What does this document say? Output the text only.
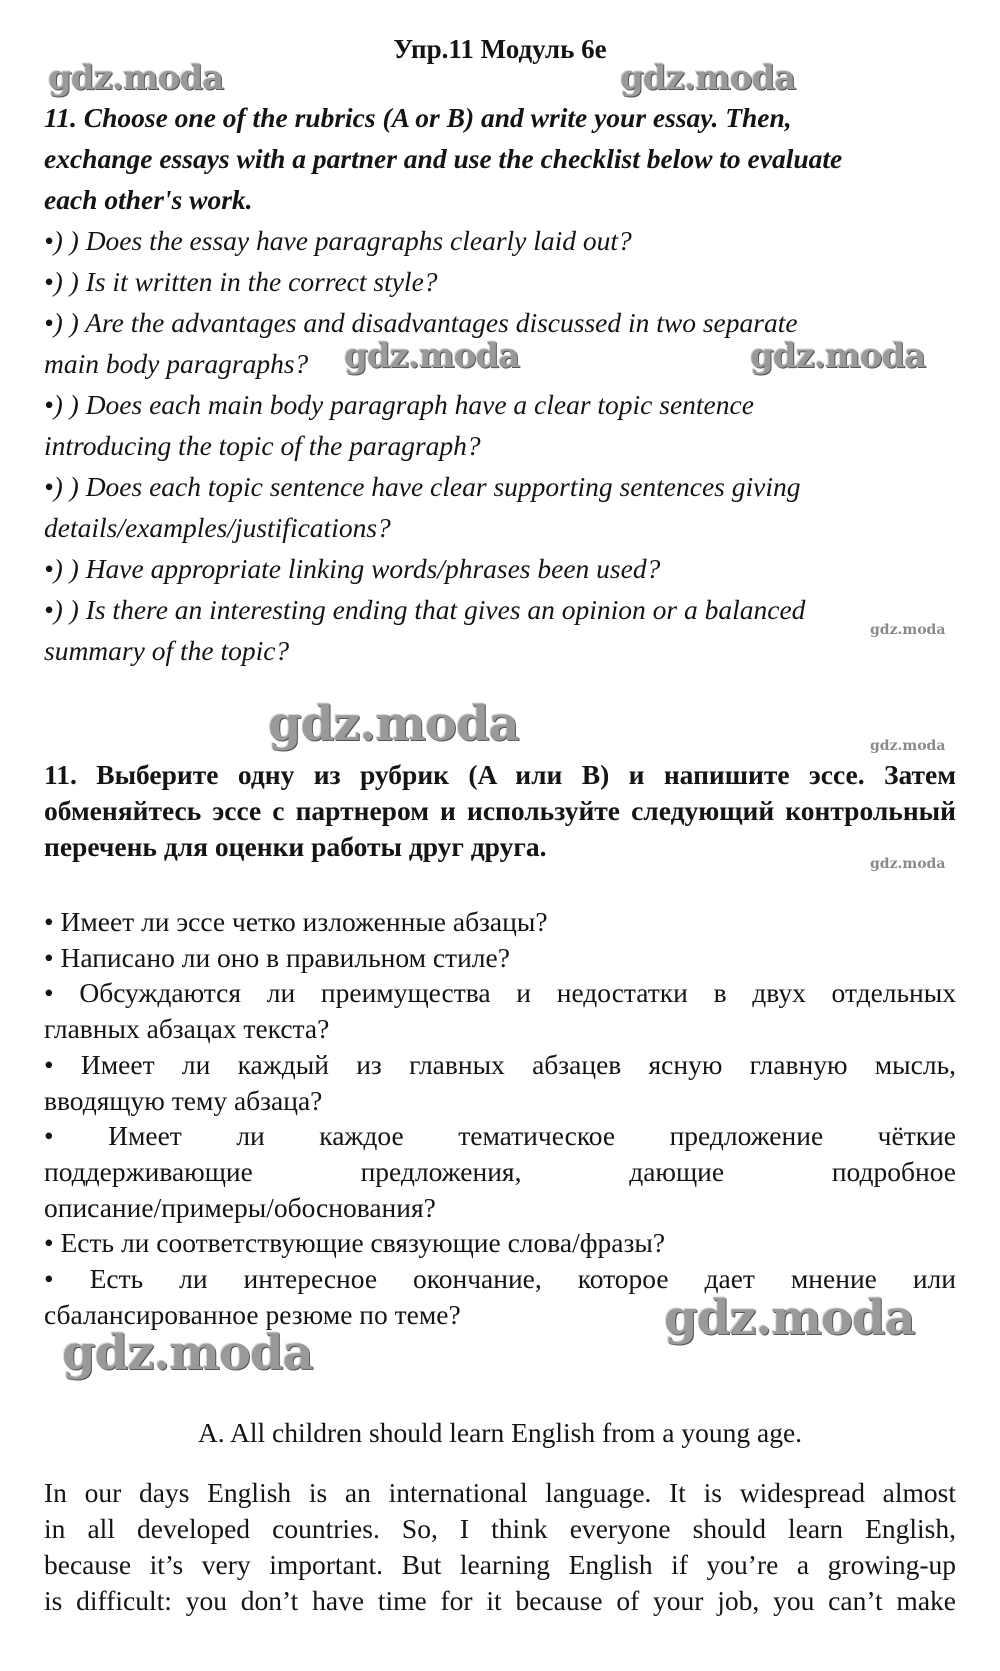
Упр.11 Модуль 6е
11. Choose one of the rubrics (A or B) and write your essay. Then,
exchange essays with a partner and use the checklist below to evaluate
each other's work.
•) ) Does the essay have paragraphs clearly laid out?
•) ) Is it written in the correct style?
•) ) Are the advantages and disadvantages discussed in two separate
main body paragraphs?
•) ) Does each main body paragraph have a clear topic sentence
introducing the topic of the paragraph?
•) ) Does each topic sentence have clear supporting sentences giving
details/examples/justifications?
•) ) Have appropriate linking words/phrases been used?
•) ) Is there an interesting ending that gives an opinion or a balanced
summary of the topic?
11. Выберите одну из рубрик (A или B) и напишите эссе. Затем обменяйтесь эссе с партнером и используйте следующий контрольный перечень для оценки работы друг друга.
• Имеет ли эссе четко изложенные абзацы?
• Написано ли оно в правильном стиле?
• Обсуждаются ли преимущества и недостатки в двух отдельных
главных абзацах текста?
• Имеет ли каждый из главных абзацев ясную главную мысль,
вводящую тему абзаца?
• Имеет ли каждое тематическое предложение чёткие
поддерживающие предложения, дающие подробное
описание/примеры/обоснования?
• Есть ли соответствующие связующие слова/фразы?
• Есть ли интересное окончание, которое дает мнение или
сбалансированное резюме по теме?
A. All children should learn English from a young age.
In our days English is an international language. It is widespread almost
in all developed countries. So, I think everyone should learn English,
because it’s very important. But learning English if you’re a growing-up
is difficult: you don’t have time for it because of your job, you can’t make
gdz.moda	gdz.moda
gdz.moda	gdz.moda
gdz.moda
gdz.moda	gdz.moda
gdz.moda
gdz.moda
gdz.moda
